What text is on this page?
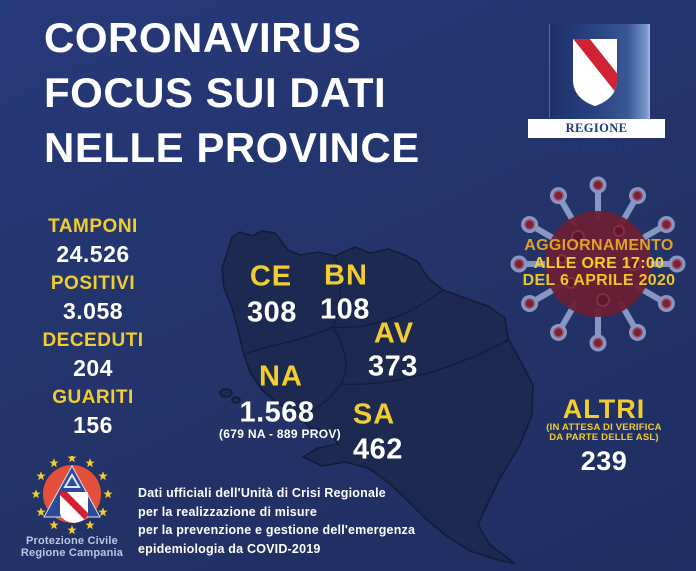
CORONAVIRUS
FOCUS SUI DATI
NELLE PROVINCE
TAMPONI
24.526
POSITIVI
3.058
DECEDUTI
204
GUARITI
156
CE
308
BN
108
AV
373
NA
1.568
(679 NA - 889 PROV)
SA
462
AGGIORNAMENTO
ALLE ORE 17:00
DEL 6 APRILE 2020
ALTRI
(IN ATTESA DI VERIFICA
DA PARTE DELLE ASL)
239
REGIONE CAMPANIA
Protezione Civile
Regione Campania
Dati ufficiali dell'Unità di Crisi Regionale
per la realizzazione di misure
per la prevenzione e gestione dell'emergenza
epidemiologia da COVID-2019
